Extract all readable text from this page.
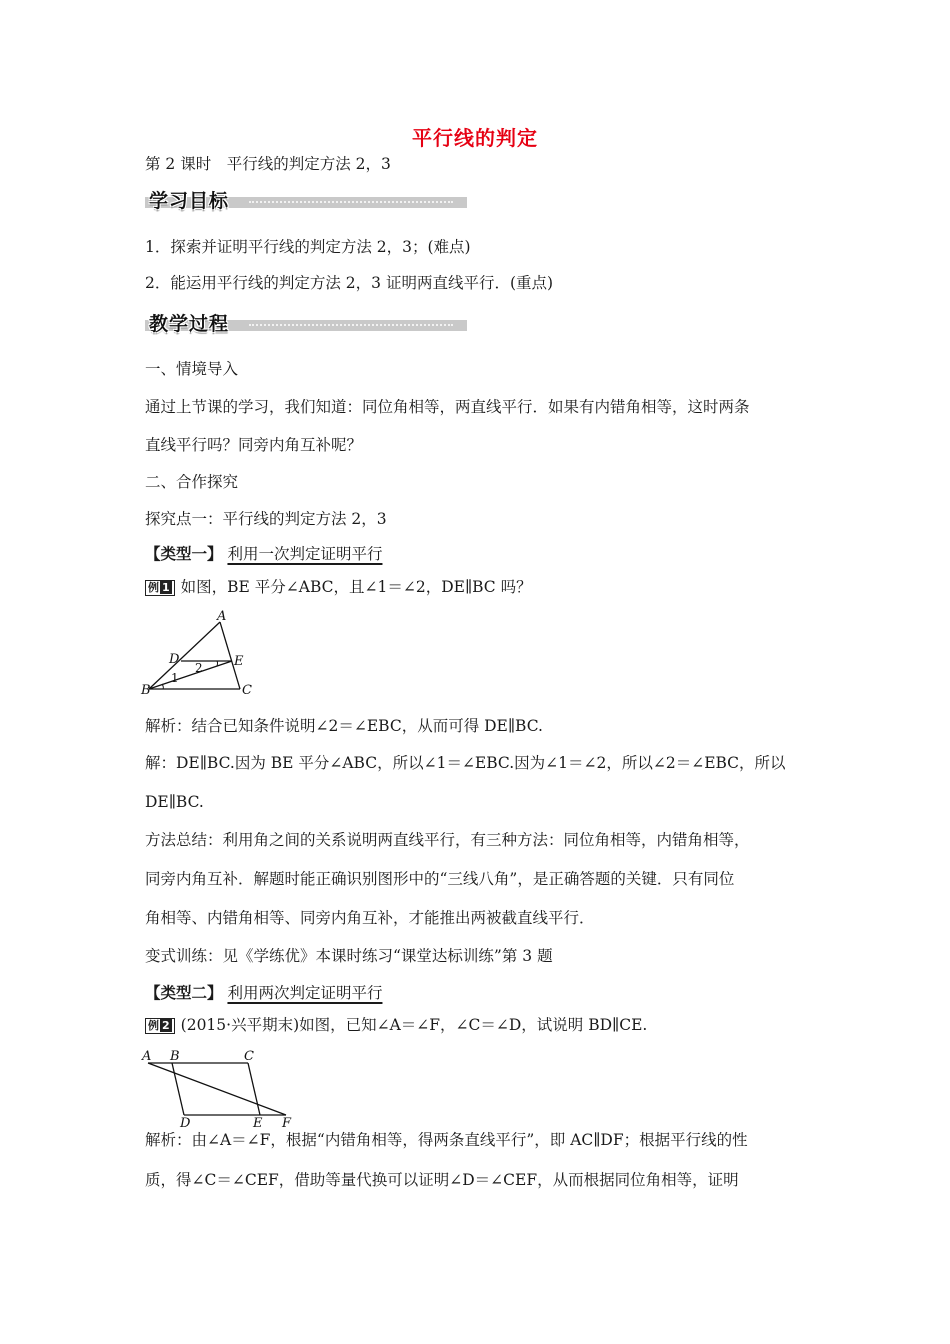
平行线的判定
第 2 课时　平行线的判定方法 2，3
学习目标
1．探索并证明平行线的判定方法 2，3；(难点)
2．能运用平行线的判定方法 2，3 证明两直线平行．(重点)
教学过程
一、情境导入
通过上节课的学习，我们知道：同位角相等，两直线平行．如果有内错角相等，这时两条
直线平行吗？同旁内角互补呢？
二、合作探究
探究点一：平行线的判定方法 2，3
【类型一】 利用一次判定证明平行
例 1 如图，BE 平分∠ABC，且∠1＝∠2，DE∥BC 吗？
A
D	E
B	C
1
2
解析：结合已知条件说明∠2＝∠EBC，从而可得 DE∥BC.
解：DE∥BC.因为 BE 平分∠ABC，所以∠1＝∠EBC.因为∠1＝∠2，所以∠2＝∠EBC，所以
DE∥BC.
方法总结：利用角之间的关系说明两直线平行，有三种方法：同位角相等，内错角相等，
同旁内角互补．解题时能正确识别图形中的“三线八角”，是正确答题的关键．只有同位
角相等、内错角相等、同旁内角互补，才能推出两被截直线平行．
变式训练：见《学练优》本课时练习“课堂达标训练”第 3 题
【类型二】 利用两次判定证明平行
例 2 (2015·兴平期末)如图，已知∠A＝∠F，∠C＝∠D，试说明 BD∥CE.
A B	C
D	E F
解析：由∠A＝∠F，根据“内错角相等，得两条直线平行”，即 AC∥DF；根据平行线的性
质，得∠C＝∠CEF，借助等量代换可以证明∠D＝∠CEF，从而根据同位角相等，证明
